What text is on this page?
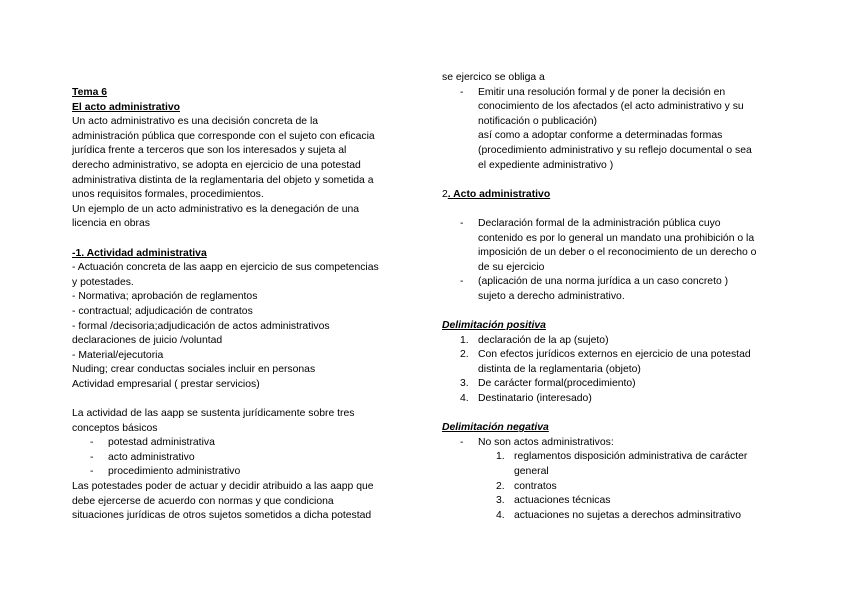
Tema 6

El acto administrativo

Un acto administrativo es una decisión concreta de la

administración pública que corresponde con el sujeto con eficacia

jurídica frente a terceros que son los interesados y sujeta al

derecho administrativo, se adopta en ejercicio de una potestad

administrativa distinta de la reglamentaria del objeto y sometida a

unos requisitos formales, procedimientos.

Un ejemplo de un acto administrativo es la denegación de una

licencia en obras

-1. Actividad administrativa

- Actuación concreta de las aapp en ejercicio de sus competencias

y potestades.

- Normativa; aprobación de reglamentos

- contractual; adjudicación de contratos

- formal /decisoria;adjudicación de actos administrativos

declaraciones de juicio /voluntad

- Material/ejecutoria

Nuding; crear conductas sociales incluir en personas

Actividad empresarial ( prestar servicios)

La actividad de las aapp se sustenta jurídicamente sobre tres

conceptos básicos

- potestad administrativa
- acto administrativo
- procedimiento administrativo

Las potestades poder de actuar y decidir atribuido a las aapp que

debe ejercerse de acuerdo con normas y que condiciona

situaciones jurídicas de otros sujetos sometidos a dicha potestad

se ejercico se obliga a

- Emitir una resolución formal y de poner la decisión en

conocimiento de los afectados (el acto administrativo y su

notificación o publicación)

así como a adoptar conforme a determinadas formas

(procedimiento administrativo y su reflejo documental o sea

el expediente administrativo )

2. Acto administrativo

- Declaración formal de la administración pública cuyo

contenido es por lo general un mandato una prohibición o la

imposición de un deber o el reconocimiento de un derecho o

de su ejercicio

- (aplicación de una norma jurídica a un caso concreto )

sujeto a derecho administrativo.

Delimitación positiva

1. declaración de la ap (sujeto)

2. Con efectos jurídicos externos en ejercicio de una potestad

distinta de la reglamentaria (objeto)

3. De carácter formal(procedimiento)

4. Destinatario (interesado)

Delimitación negativa

- No son actos administrativos:

1. reglamentos disposición administrativa de carácter

general

2. contratos

3. actuaciones técnicas

4. actuaciones no sujetas a derechos adminsitrativo
